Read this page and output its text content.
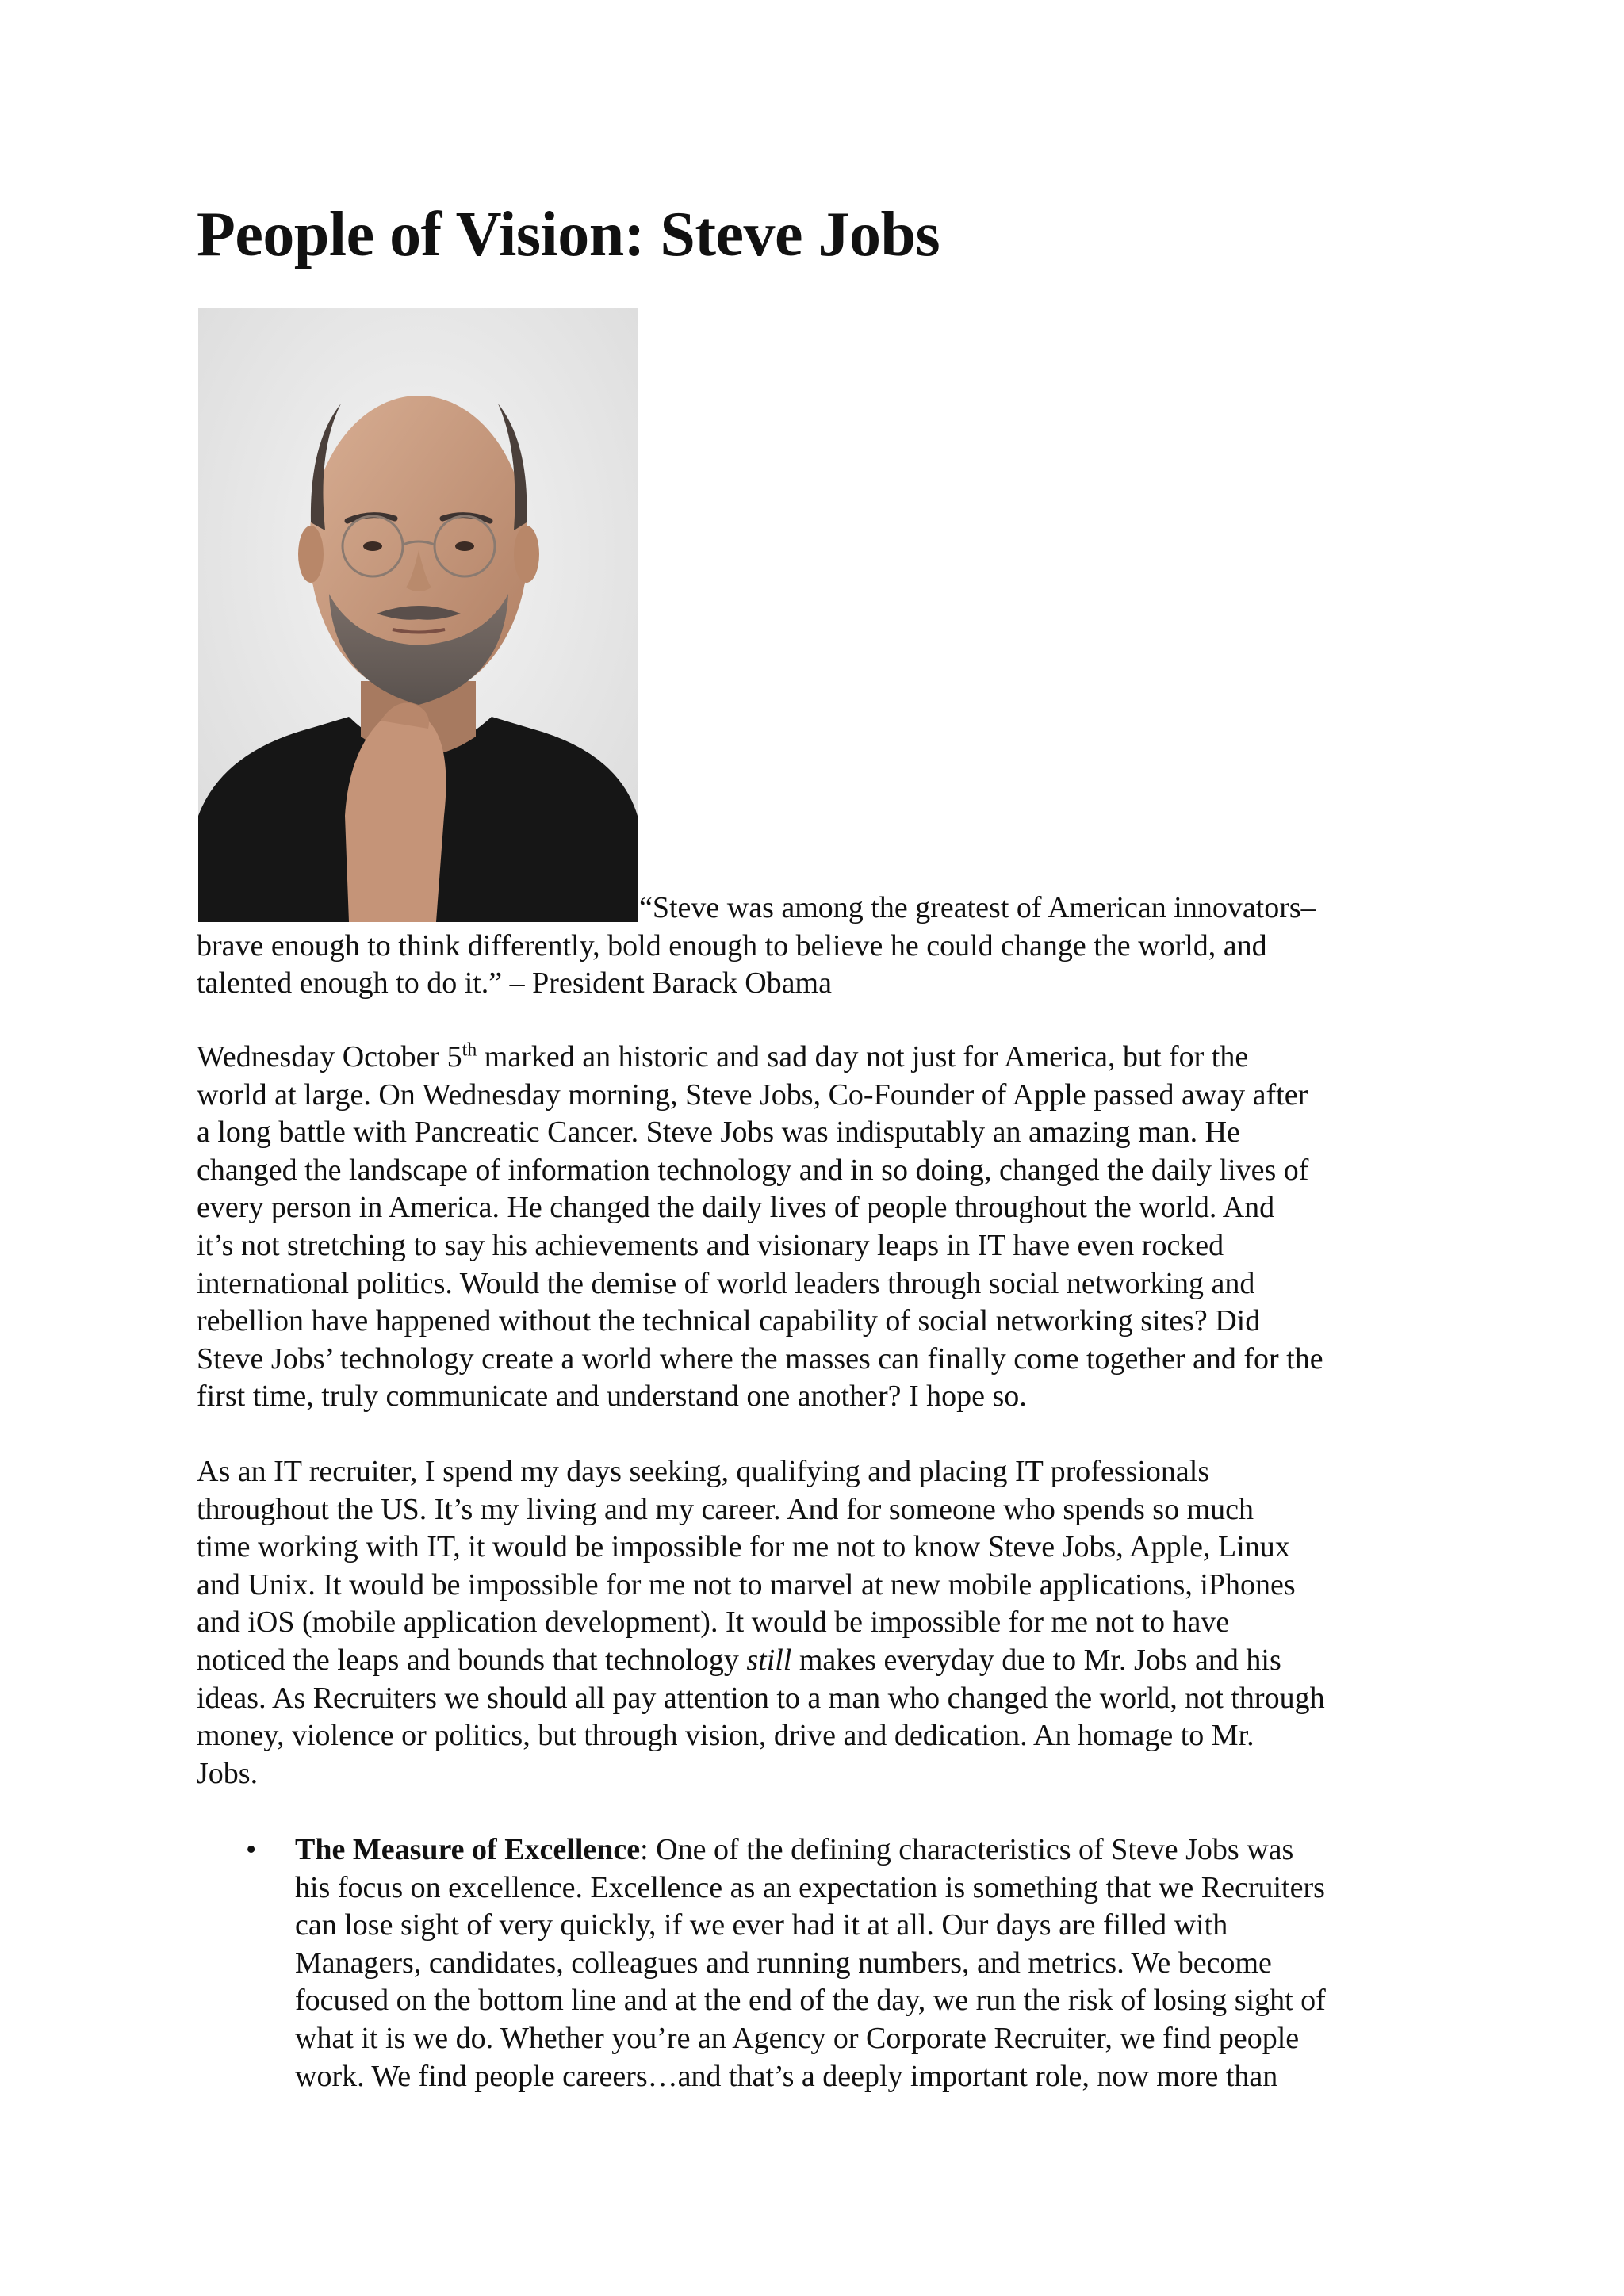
People of Vision: Steve Jobs
“Steve was among the greatest of American innovators–
brave enough to think differently, bold enough to believe he could change the world, and
talented enough to do it.” – President Barack Obama
Wednesday October 5th marked an historic and sad day not just for America, but for the
world at large. On Wednesday morning, Steve Jobs, Co-Founder of Apple passed away after
a long battle with Pancreatic Cancer. Steve Jobs was indisputably an amazing man. He
changed the landscape of information technology and in so doing, changed the daily lives of
every person in America. He changed the daily lives of people throughout the world. And
it’s not stretching to say his achievements and visionary leaps in IT have even rocked
international politics. Would the demise of world leaders through social networking and
rebellion have happened without the technical capability of social networking sites? Did
Steve Jobs’ technology create a world where the masses can finally come together and for the
first time, truly communicate and understand one another? I hope so.
As an IT recruiter, I spend my days seeking, qualifying and placing IT professionals
throughout the US. It’s my living and my career. And for someone who spends so much
time working with IT, it would be impossible for me not to know Steve Jobs, Apple, Linux
and Unix. It would be impossible for me not to marvel at new mobile applications, iPhones
and iOS (mobile application development). It would be impossible for me not to have
noticed the leaps and bounds that technology still makes everyday due to Mr. Jobs and his
ideas. As Recruiters we should all pay attention to a man who changed the world, not through
money, violence or politics, but through vision, drive and dedication. An homage to Mr.
Jobs.
• The Measure of Excellence: One of the defining characteristics of Steve Jobs was
his focus on excellence. Excellence as an expectation is something that we Recruiters
can lose sight of very quickly, if we ever had it at all. Our days are filled with
Managers, candidates, colleagues and running numbers, and metrics. We become
focused on the bottom line and at the end of the day, we run the risk of losing sight of
what it is we do. Whether you’re an Agency or Corporate Recruiter, we find people
work. We find people careers…and that’s a deeply important role, now more than
